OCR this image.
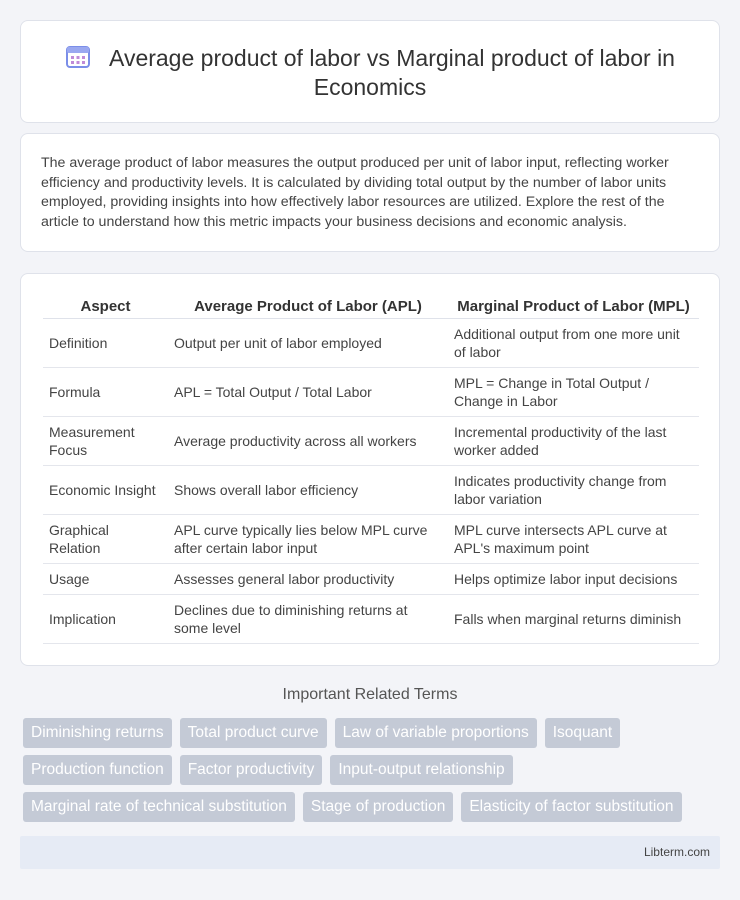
Average product of labor vs Marginal product of labor in Economics

The average product of labor measures the output produced per unit of labor input, reflecting worker efficiency and productivity levels. It is calculated by dividing total output by the number of labor units employed, providing insights into how effectively labor resources are utilized. Explore the rest of the article to understand how this metric impacts your business decisions and economic analysis.

Aspect	Average Product of Labor (APL)	Marginal Product of Labor (MPL)
Definition	Output per unit of labor employed	Additional output from one more unit of labor
Formula	APL = Total Output / Total Labor	MPL = Change in Total Output / Change in Labor
Measurement Focus	Average productivity across all workers	Incremental productivity of the last worker added
Economic Insight	Shows overall labor efficiency	Indicates productivity change from labor variation
Graphical Relation	APL curve typically lies below MPL curve after certain labor input	MPL curve intersects APL curve at APL's maximum point
Usage	Assesses general labor productivity	Helps optimize labor input decisions
Implication	Declines due to diminishing returns at some level	Falls when marginal returns diminish
Important Related Terms
Diminishing returns	Total product curve	Law of variable proportions	Isoquant
Production function	Factor productivity	Input-output relationship
Marginal rate of technical substitution	Stage of production	Elasticity of factor substitution
Libterm.com
